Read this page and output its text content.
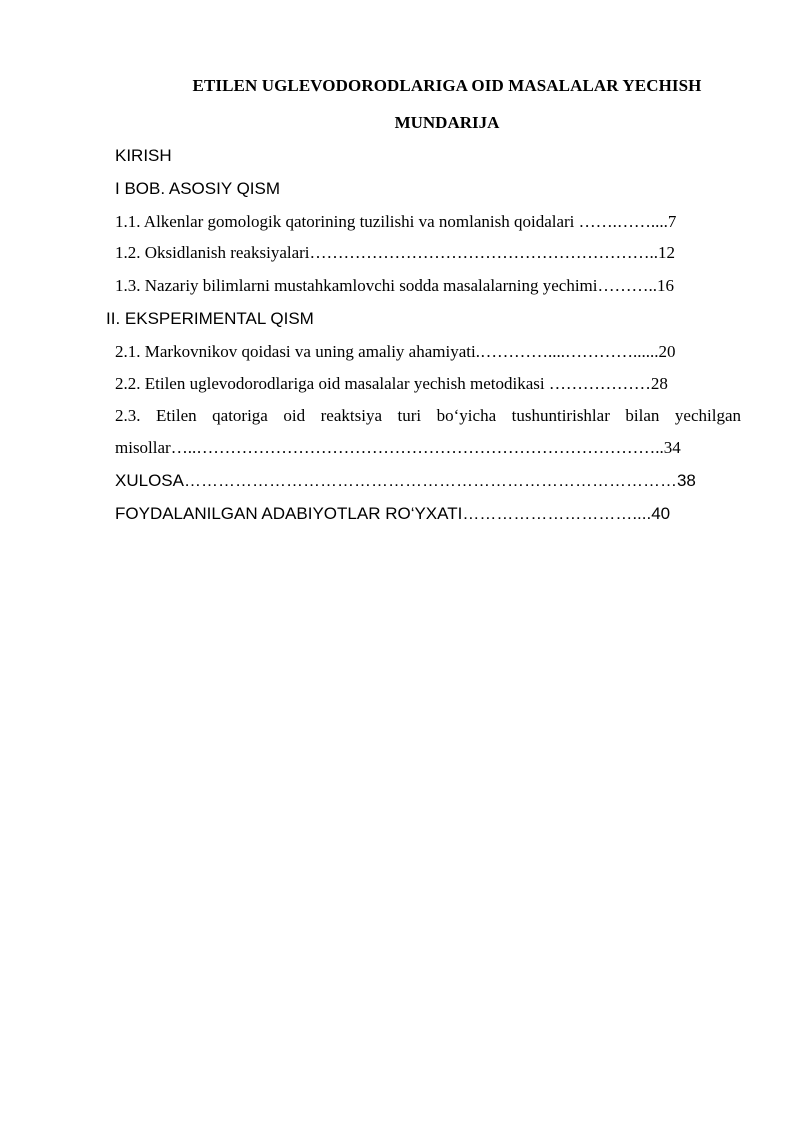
ETILEN UGLEVODORODLARIGA OID MASALALAR YECHISH
MUNDARIJA
KIRISH
I BOB. ASOSIY QISM
1.1. Alkenlar gomologik qatorining tuzilishi va nomlanish qoidalari …….……....7
1.2. Oksidlanish reaksiyalari……………………………………………………..12
1.3. Nazariy bilimlarni mustahkamlovchi sodda masalalarning yechimi………..16
II. EKSPERIMENTAL QISM
2.1. Markovnikov qoidasi va uning amaliy ahamiyati.…………....…………......20
2.2. Etilen uglevodorodlariga oid masalalar yechish metodikasi ………………28
2.3. Etilen qatoriga oid reaktsiya turi bo‘yicha tushuntirishlar bilan yechilgan
misollar…..………………………………………………………………………..34
XULOSA……………………………………………………………………………38
FOYDALANILGAN ADABIYOTLAR RO‘YXATI…………………………....40
